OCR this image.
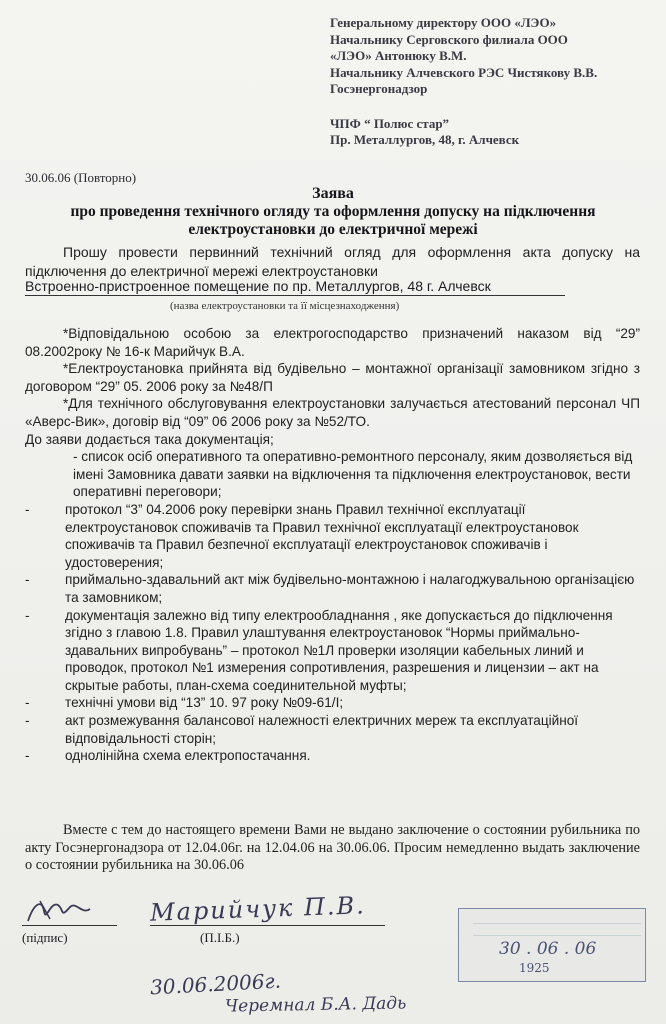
Генеральному директору ООО «ЛЭО»
Начальнику Серговского филиала ООО
«ЛЭО» Антонюку В.М.
Начальнику Алчевского РЭС Чистякову В.В.
Госэнергонадзор
ЧПФ “ Полюс стар”
Пр. Металлургов, 48, г. Алчевск
30.06.06 (Повторно)
Заява
про проведення технічного огляду та оформлення допуску на підключення
електроустановки до електричної мережі
Прошу провести первинний технічний огляд для оформлення акта допуску на підключення до електричної мережі електроустановки
Встроенно-пристроенное помещение по пр. Металлургов, 48 г. Алчевск
(назва електроустановки та її місцезнаходження)
*Відповідальною особою за електрогосподарство призначений наказом від “29” 08.2002року № 16-к Марийчук В.А.
*Електроустановка прийнята від будівельно – монтажної організації замовником згідно з договором “29” 05. 2006 року за №48/П
*Для технічного обслуговування електроустановки залучається атестований персонал ЧП «Аверс-Вик», договір від “09” 06 2006 року за №52/ТО.
До заяви додається така документація;
- список осіб оперативного та оперативно-ремонтного персоналу, яким дозволяється від імені Замовника давати заявки на відключення та підключення електроустановок, вести оперативні переговори;
-	протокол “3” 04.2006 року перевірки знань Правил технічної експлуатації електроустановок споживачів та Правил технічної експлуатації електроустановок споживачів та Правил безпечної експлуатації електроустановок споживачів і удостоверения;
-	приймально-здавальний акт між будівельно-монтажною і налагоджувальною організацією та замовником;
-	документація залежно від типу електрообладнання , яке допускається до підключення згідно з главою 1.8. Правил улаштування електроустановок “Нормы приймально-здавальних випробувань” – протокол №1Л проверки изоляции кабельных линий и проводок, протокол №1 измерения сопротивления, разрешения и лицензии – акт на скрытые работы, план-схема соединительной муфты;
-	технічні умови від “13” 10. 97 року №09-61/І;
-	акт розмежування балансової належності електричних мереж та експлуатаційної відповідальності сторін;
-	однолінійна схема електропостачання.
Вместе с тем до настоящего времени Вами не выдано заключение о состоянии рубильника по акту Госэнергонадзора от 12.04.06г. на 12.04.06 на 30.06.06. Просим немедленно выдать заключение о состоянии рубильника на 30.06.06
Марийчук П.В.
(підпис)	(П.І.Б.)
30 . 06 . 06
1925
30.06.2006г.
Черемнал Б.А. Дадь
